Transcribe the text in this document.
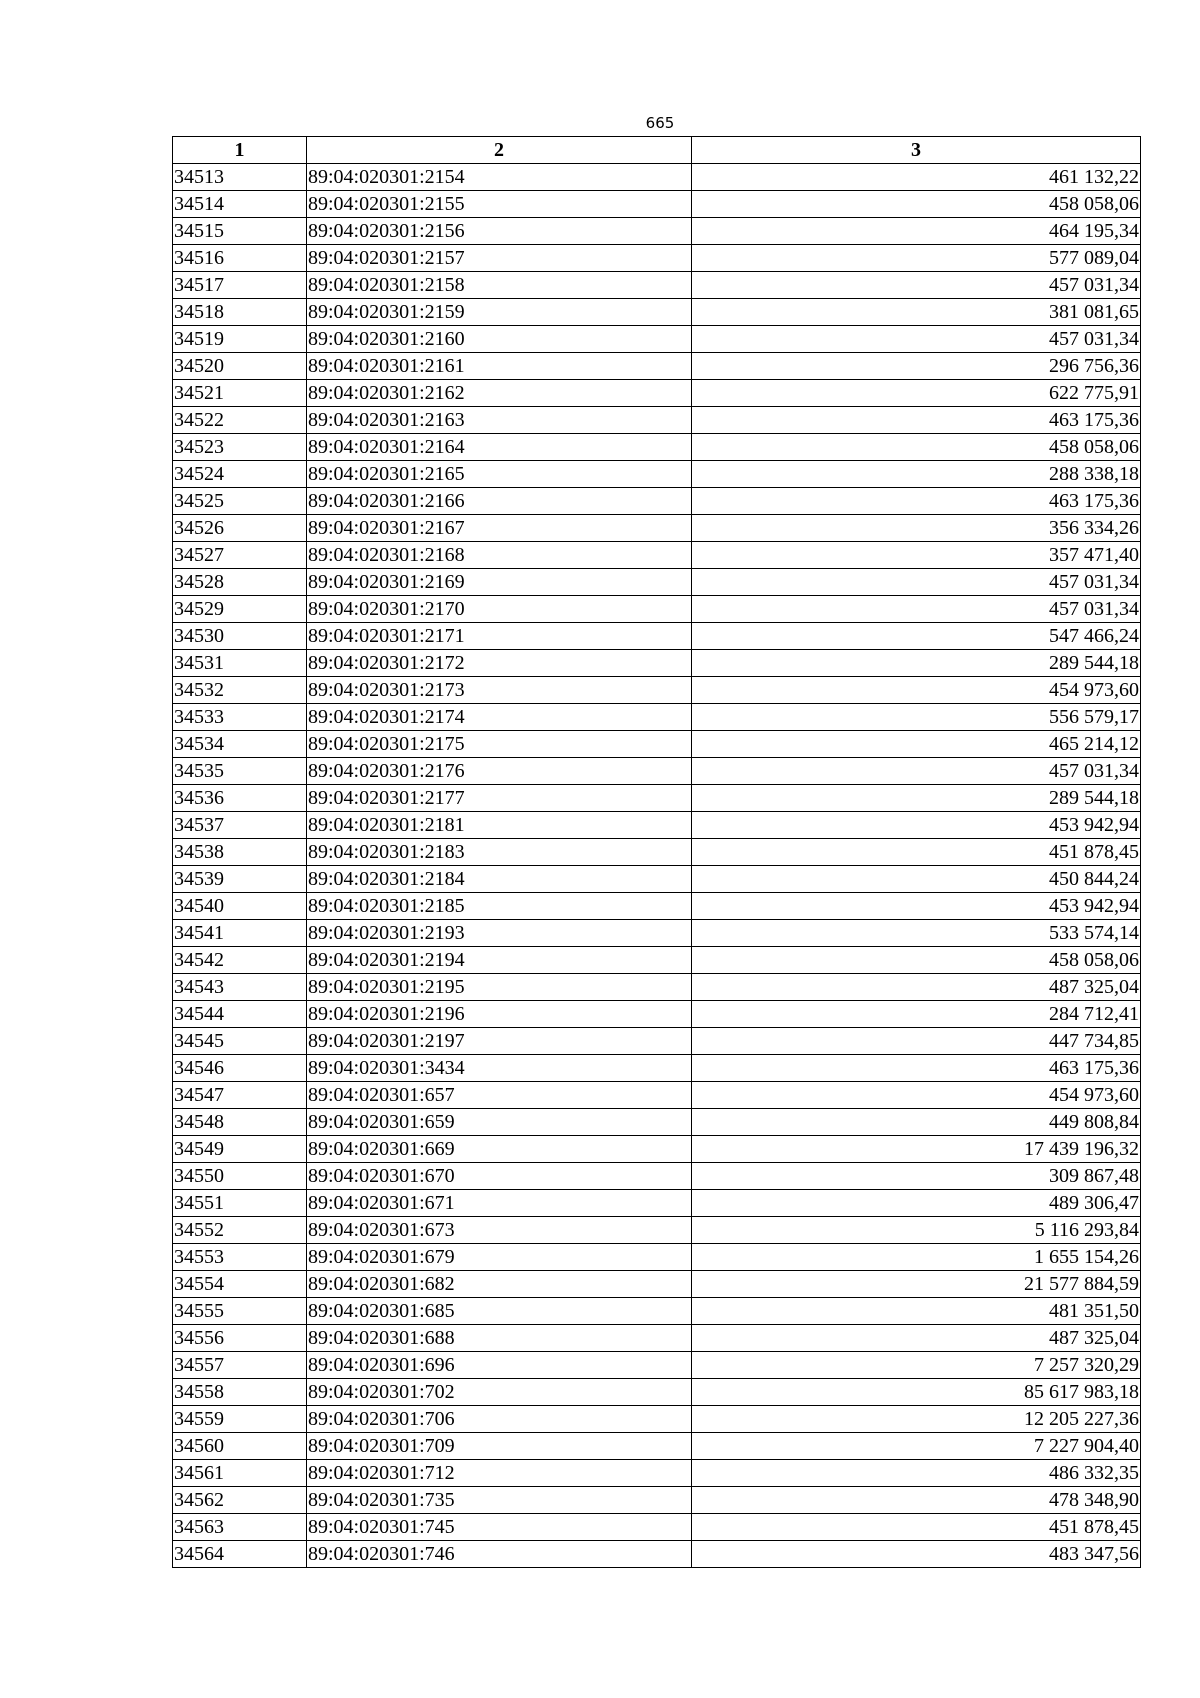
665
1	2	3
34513	89:04:020301:2154	461 132,22
34514	89:04:020301:2155	458 058,06
34515	89:04:020301:2156	464 195,34
34516	89:04:020301:2157	577 089,04
34517	89:04:020301:2158	457 031,34
34518	89:04:020301:2159	381 081,65
34519	89:04:020301:2160	457 031,34
34520	89:04:020301:2161	296 756,36
34521	89:04:020301:2162	622 775,91
34522	89:04:020301:2163	463 175,36
34523	89:04:020301:2164	458 058,06
34524	89:04:020301:2165	288 338,18
34525	89:04:020301:2166	463 175,36
34526	89:04:020301:2167	356 334,26
34527	89:04:020301:2168	357 471,40
34528	89:04:020301:2169	457 031,34
34529	89:04:020301:2170	457 031,34
34530	89:04:020301:2171	547 466,24
34531	89:04:020301:2172	289 544,18
34532	89:04:020301:2173	454 973,60
34533	89:04:020301:2174	556 579,17
34534	89:04:020301:2175	465 214,12
34535	89:04:020301:2176	457 031,34
34536	89:04:020301:2177	289 544,18
34537	89:04:020301:2181	453 942,94
34538	89:04:020301:2183	451 878,45
34539	89:04:020301:2184	450 844,24
34540	89:04:020301:2185	453 942,94
34541	89:04:020301:2193	533 574,14
34542	89:04:020301:2194	458 058,06
34543	89:04:020301:2195	487 325,04
34544	89:04:020301:2196	284 712,41
34545	89:04:020301:2197	447 734,85
34546	89:04:020301:3434	463 175,36
34547	89:04:020301:657	454 973,60
34548	89:04:020301:659	449 808,84
34549	89:04:020301:669	17 439 196,32
34550	89:04:020301:670	309 867,48
34551	89:04:020301:671	489 306,47
34552	89:04:020301:673	5 116 293,84
34553	89:04:020301:679	1 655 154,26
34554	89:04:020301:682	21 577 884,59
34555	89:04:020301:685	481 351,50
34556	89:04:020301:688	487 325,04
34557	89:04:020301:696	7 257 320,29
34558	89:04:020301:702	85 617 983,18
34559	89:04:020301:706	12 205 227,36
34560	89:04:020301:709	7 227 904,40
34561	89:04:020301:712	486 332,35
34562	89:04:020301:735	478 348,90
34563	89:04:020301:745	451 878,45
34564	89:04:020301:746	483 347,56
